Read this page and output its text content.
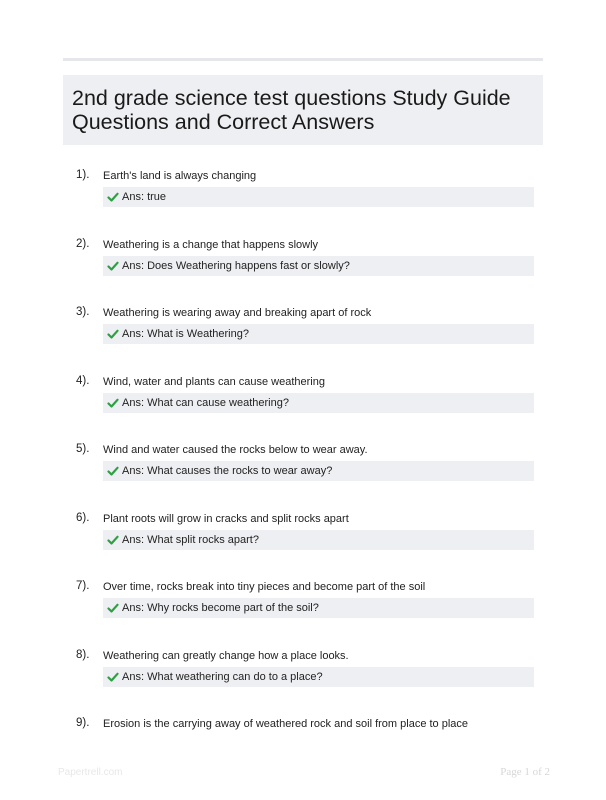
2nd grade science test questions Study Guide Questions and Correct Answers
1). Earth's land is always changing
Ans: true
2). Weathering is a change that happens slowly
Ans: Does Weathering happens fast or slowly?
3). Weathering is wearing away and breaking apart of rock
Ans: What is Weathering?
4). Wind, water and plants can cause weathering
Ans: What can cause weathering?
5). Wind and water caused the rocks below to wear away.
Ans: What causes the rocks to wear away?
6). Plant roots will grow in cracks and split rocks apart
Ans: What split rocks apart?
7). Over time, rocks break into tiny pieces and become part of the soil
Ans: Why rocks become part of the soil?
8). Weathering can greatly change how a place looks.
Ans: What weathering can do to a place?
9). Erosion is the carrying away of weathered rock and soil from place to place
Papertrell.com	Page 1 of 2
